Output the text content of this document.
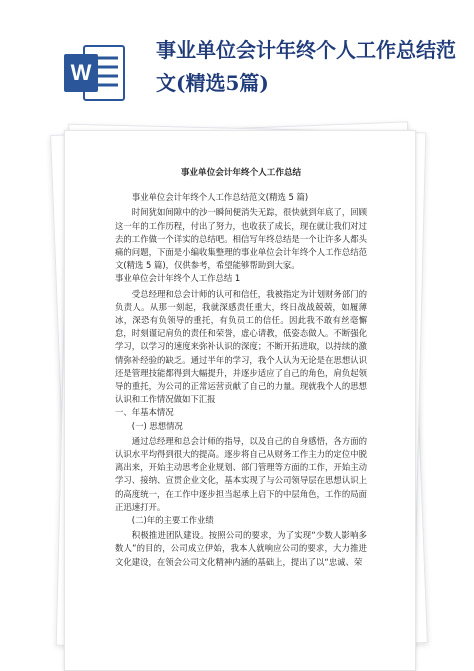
W
事业单位会计年终个人工作总结范文(精选5篇)
事业单位会计年终个人工作总结

事业单位会计年终个人工作总结范文(精选 5 篇)

时间犹如间隙中的沙一瞬间便消失无踪，很快就到年底了，回顾这一年的工作历程，付出了努力，也收获了成长，现在就让我们对过去的工作做一个详实的总结吧。相信写年终总结是一个让许多人都头痛的问题，下面是小编收集整理的事业单位会计年终个人工作总结范文(精选 5 篇)，仅供参考，希望能够帮助到大家。

事业单位会计年终个人工作总结 1

受总经理和总会计师的认可和信任，我被指定为计划财务部门的负责人。从那一刻起，我就深感责任重大，终日战战兢兢，如履薄冰，深恐有负领导的重托，有负员工的信任。因此我不敢有丝毫懈怠，时刻谨记肩负的责任和荣誉，虚心请教，低姿态做人。不断强化学习，以学习的速度来弥补认识的深度；不断开拓进取，以持续的激情弥补经验的缺乏。通过半年的学习，我个人认为无论是在思想认识还是管理技能都得到大幅提升，并逐步适应了自己的角色，肩负起领导的重托，为公司的正常运营贡献了自己的力量。现就我个人的思想认识和工作情况做如下汇报

一、年基本情况

(一) 思想情况

通过总经理和总会计师的指导，以及自己的自身感悟，各方面的认识水平均得到很大的提高。逐步将自己从财务工作主力的定位中脱离出来，开始主动思考企业规划、部门管理等方面的工作，开始主动学习、接纳、宣贯企业文化，基本实现了与公司领导层在思想认识上的高度统一，在工作中逐步担当起承上启下的中层角色，工作的局面正迅速打开。

(二)年的主要工作业绩

积极推进团队建设。按照公司的要求，为了实现“少数人影响多数人”的目的，公司成立伊始，我本人就响应公司的要求，大力推进文化建设，在领会公司文化精神内涵的基础上，提出了以“忠诚、荣
